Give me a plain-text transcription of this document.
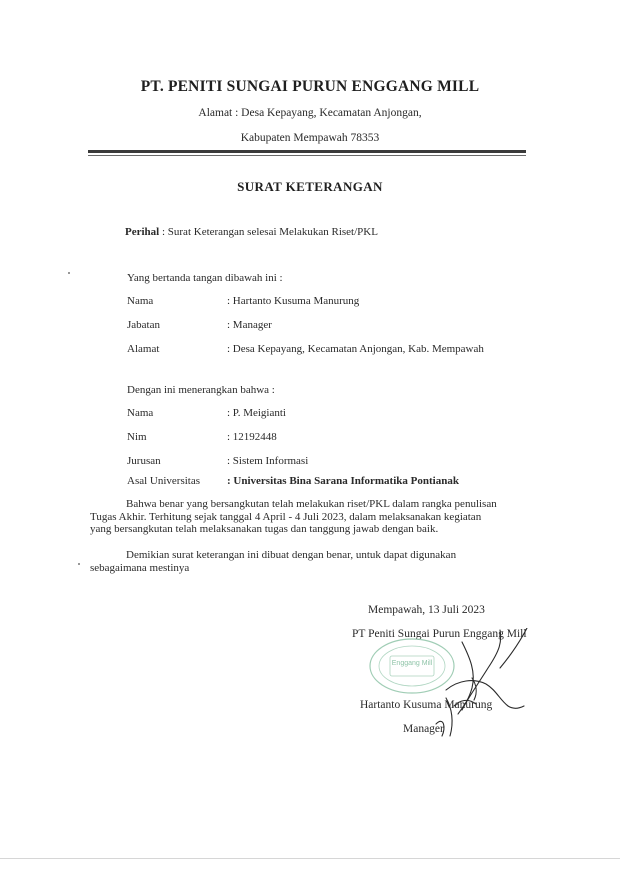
PT. PENITI SUNGAI PURUN ENGGANG MILL
Alamat : Desa Kepayang, Kecamatan Anjongan,
Kabupaten Mempawah 78353
SURAT KETERANGAN
Perihal : Surat Keterangan selesai Melakukan Riset/PKL
Yang bertanda tangan dibawah ini :
Nama	: Hartanto Kusuma Manurung
Jabatan	: Manager
Alamat	: Desa Kepayang, Kecamatan Anjongan, Kab. Mempawah
Dengan ini menerangkan bahwa :
Nama	: P. Meigianti
Nim	: 12192448
Jurusan	: Sistem Informasi
Asal Universitas : Universitas Bina Sarana Informatika Pontianak
Bahwa benar yang bersangkutan telah melakukan riset/PKL dalam rangka penulisan
Tugas Akhir. Terhitung sejak tanggal 4 April - 4 Juli 2023, dalam melaksanakan kegiatan
yang bersangkutan telah melaksanakan tugas dan tanggung jawab dengan baik.
Demikian surat keterangan ini dibuat dengan benar, untuk dapat digunakan
sebagaimana mestinya
Mempawah, 13 Juli 2023
PT Peniti Sungai Purun Enggang Mill
Enggang Mill
Hartanto Kusuma Manurung
Manager
